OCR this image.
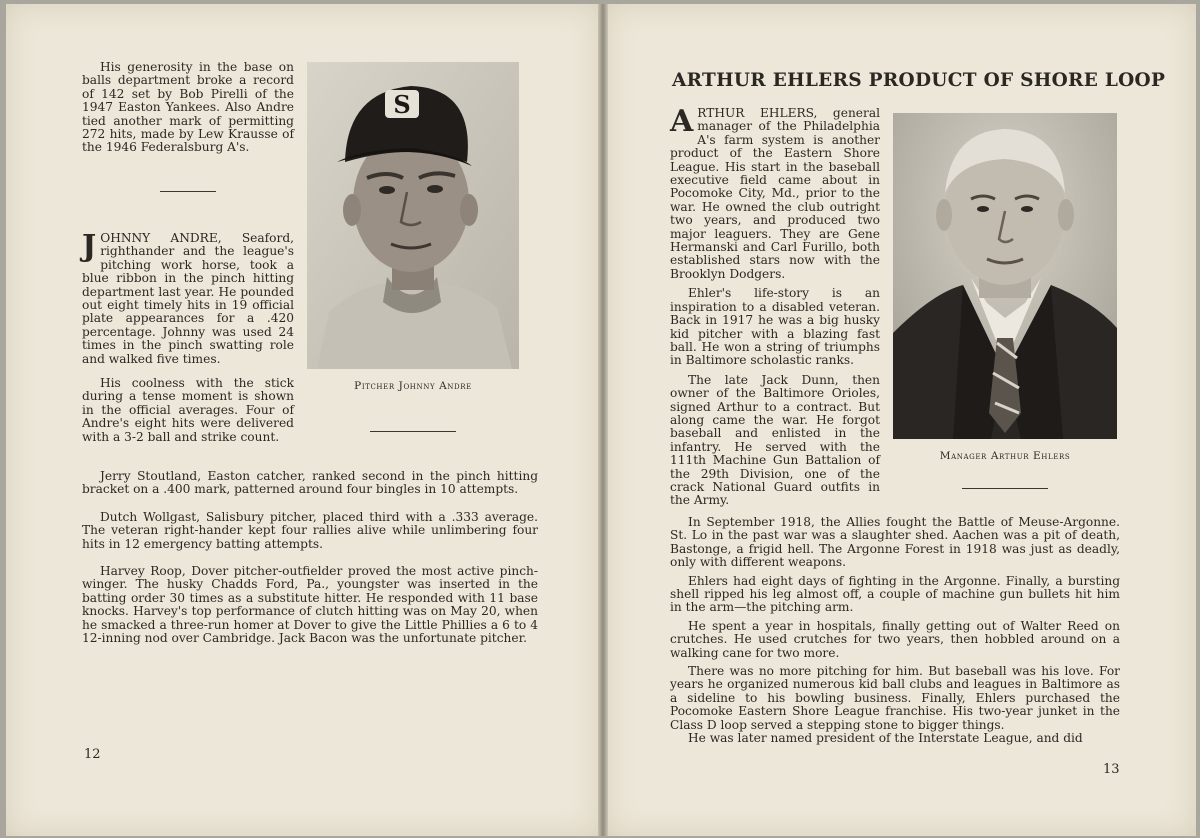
His generosity in the base on balls department broke a record of 142 set by Bob Pirelli of the 1947 Easton Yankees. Also Andre tied another mark of permitting 272 hits, made by Lew Krausse of the 1946 Federalsburg A's.

JOHNNY ANDRE, Seaford, righthander and the league's pitching work horse, took a blue ribbon in the pinch hitting department last year. He pounded out eight timely hits in 19 official plate appearances for a .420 percentage. Johnny was used 24 times in the pinch swatting role and walked five times.

His coolness with the stick during a tense moment is shown in the official averages. Four of Andre's eight hits were delivered with a 3-2 ball and strike count.

S
Pitcher Johnny Andre

Jerry Stoutland, Easton catcher, ranked second in the pinch hitting bracket on a .400 mark, patterned around four bingles in 10 attempts.

Dutch Wollgast, Salisbury pitcher, placed third with a .333 average. The veteran right-hander kept four rallies alive while unlimbering four hits in 12 emergency batting attempts.

Harvey Roop, Dover pitcher-outfielder proved the most active pinch-winger. The husky Chadds Ford, Pa., youngster was inserted in the batting order 30 times as a substitute hitter. He responded with 11 base knocks. Harvey's top performance of clutch hitting was on May 20, when he smacked a three-run homer at Dover to give the Little Phillies a 6 to 4 12-inning nod over Cambridge. Jack Bacon was the unfortunate pitcher.

12
ARTHUR EHLERS PRODUCT OF SHORE LOOP

ARTHUR EHLERS, general manager of the Philadelphia A's farm system is another product of the Eastern Shore League. His start in the baseball executive field came about in Pocomoke City, Md., prior to the war. He owned the club outright two years, and produced two major leaguers. They are Gene Hermanski and Carl Furillo, both established stars now with the Brooklyn Dodgers.

Ehler's life-story is an inspiration to a disabled veteran. Back in 1917 he was a big husky kid pitcher with a blazing fast ball. He won a string of triumphs in Baltimore scholastic ranks.

The late Jack Dunn, then owner of the Baltimore Orioles, signed Arthur to a contract. But along came the war. He forgot baseball and enlisted in the infantry. He served with the 111th Machine Gun Battalion of the 29th Division, one of the crack National Guard outfits in the Army.

Manager Arthur Ehlers

In September 1918, the Allies fought the Battle of Meuse-Argonne. St. Lo in the past war was a slaughter shed. Aachen was a pit of death, Bastonge, a frigid hell. The Argonne Forest in 1918 was just as deadly, only with different weapons.

Ehlers had eight days of fighting in the Argonne. Finally, a bursting shell ripped his leg almost off, a couple of machine gun bullets hit him in the arm—the pitching arm.

He spent a year in hospitals, finally getting out of Walter Reed on crutches. He used crutches for two years, then hobbled around on a walking cane for two more.

There was no more pitching for him. But baseball was his love. For years he organized numerous kid ball clubs and leagues in Baltimore as a sideline to his bowling business. Finally, Ehlers purchased the Pocomoke Eastern Shore League franchise. His two-year junket in the Class D loop served a stepping stone to bigger things.

He was later named president of the Interstate League, and did

13
